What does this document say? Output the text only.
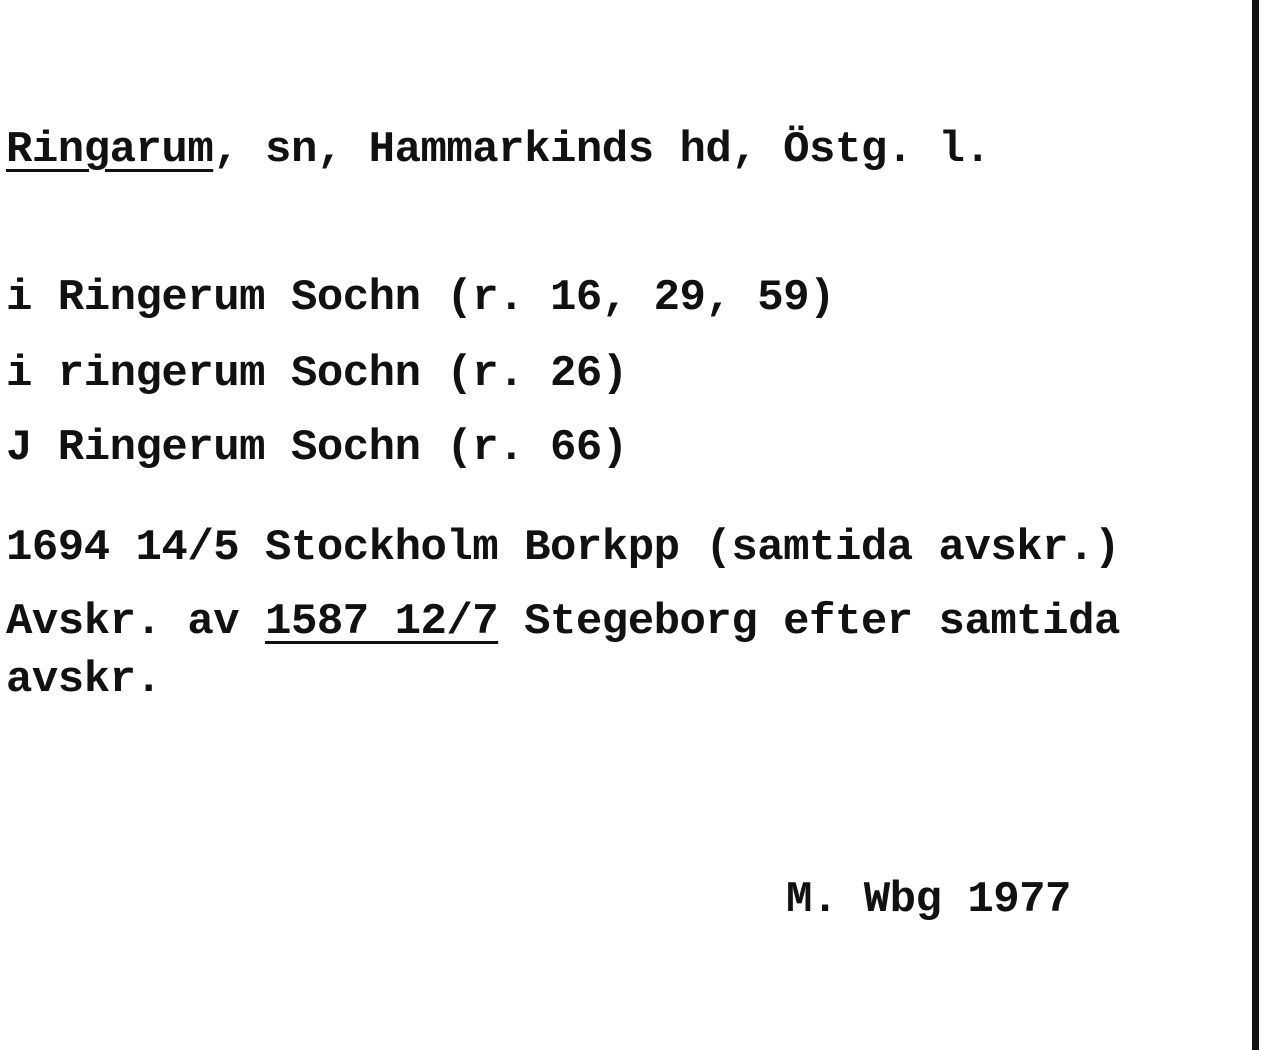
Ringarum, sn, Hammarkinds hd, Östg. l.
i Ringerum Sochn (r. 16, 29, 59)
i ringerum Sochn (r. 26)
J Ringerum Sochn (r. 66)
1694 14/5 Stockholm Borkpp (samtida avskr.)
Avskr. av 1587 12/7 Stegeborg efter samtida
avskr.
M. Wbg 1977
